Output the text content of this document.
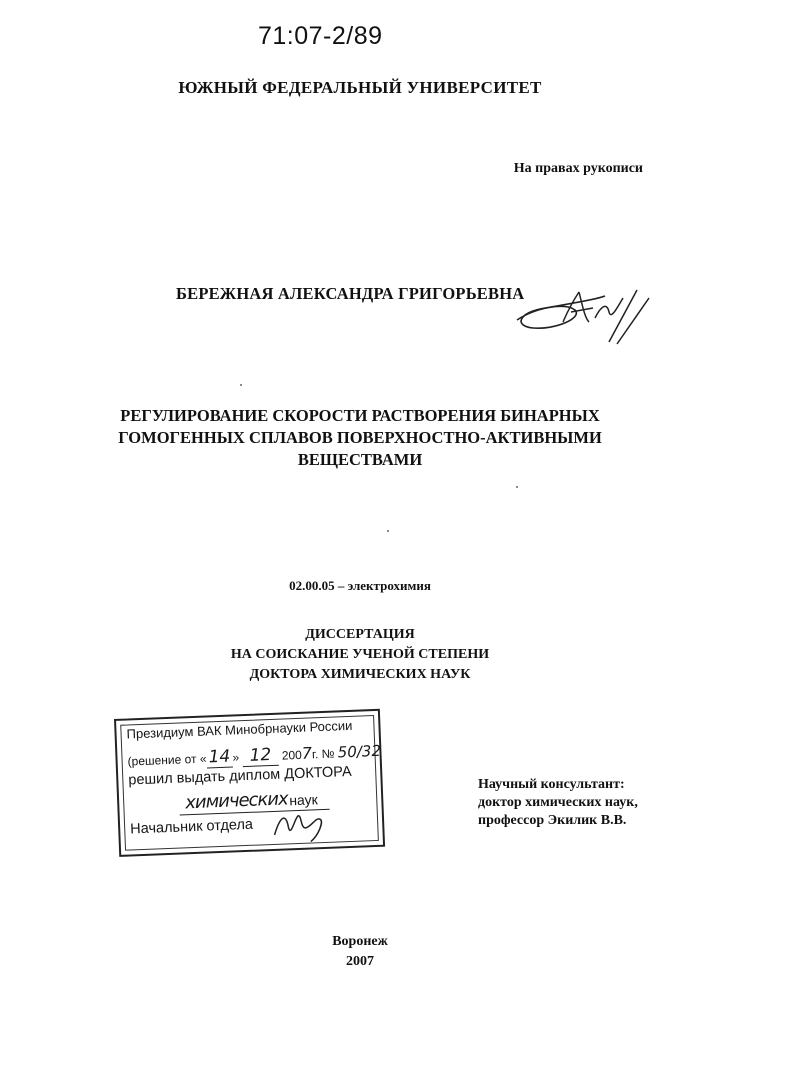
71:07-2/89
ЮЖНЫЙ ФЕДЕРАЛЬНЫЙ УНИВЕРСИТЕТ
На правах рукописи
БЕРЕЖНАЯ АЛЕКСАНДРА ГРИГОРЬЕВНА
РЕГУЛИРОВАНИЕ СКОРОСТИ РАСТВОРЕНИЯ БИНАРНЫХ
ГОМОГЕННЫХ СПЛАВОВ ПОВЕРХНОСТНО-АКТИВНЫМИ
ВЕЩЕСТВАМИ
02.00.05 – электрохимия
ДИССЕРТАЦИЯ
НА СОИСКАНИЕ УЧЕНОЙ СТЕПЕНИ
ДОКТОРА ХИМИЧЕСКИХ НАУК
Президиум ВАК Минобрнауки России
(решение от «14 » 12 2007г. № 50/32
решил выдать диплом ДОКТОРА
химических наук
Начальник отдела
Научный консультант:
доктор химических наук,
профессор Экилик В.В.
Воронеж
2007
